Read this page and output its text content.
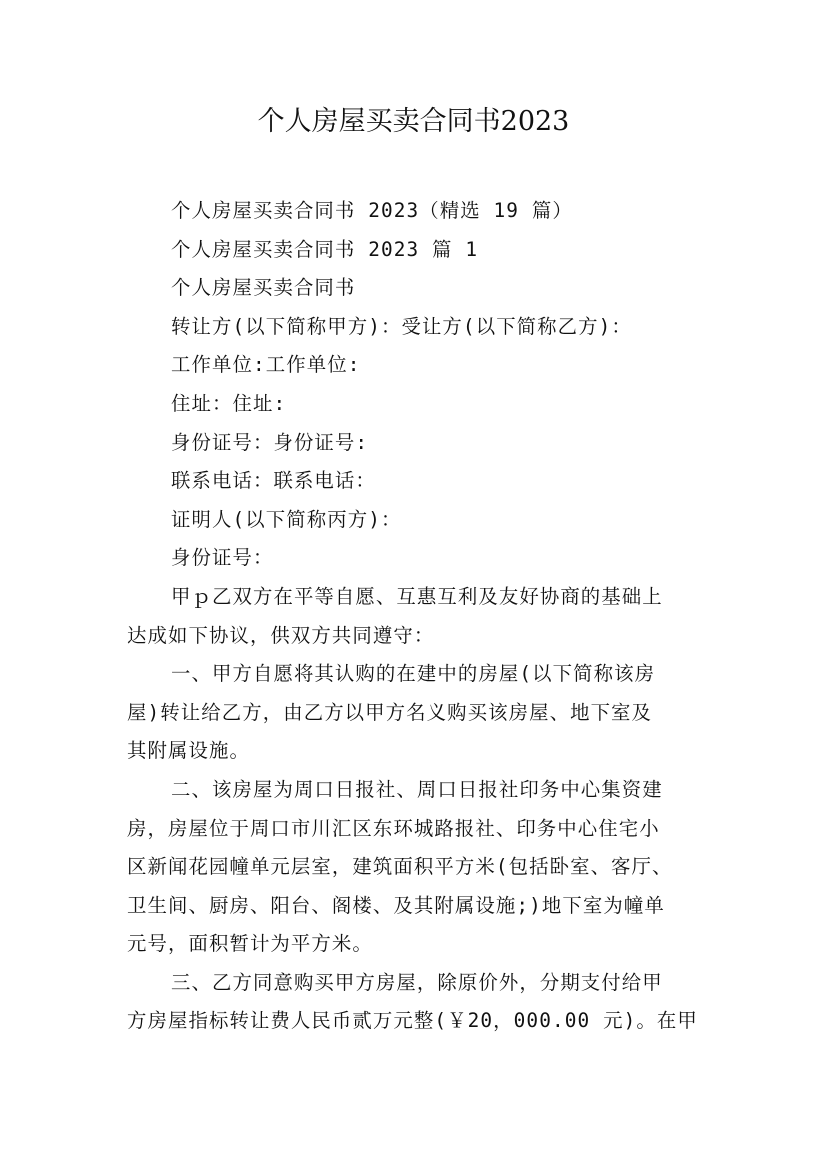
个人房屋买卖合同书2023
个人房屋买卖合同书 2023（精选 19 篇）
个人房屋买卖合同书 2023 篇 1
个人房屋买卖合同书
转让方(以下简称甲方)：受让方(以下简称乙方)：
工作单位:工作单位:
住址：住址:
身份证号：身份证号:
联系电话：联系电话：
证明人(以下简称丙方)：
身份证号：
甲ｐ乙双方在平等自愿、互惠互利及友好协商的基础上
达成如下协议，供双方共同遵守：
一、甲方自愿将其认购的在建中的房屋(以下简称该房
屋)转让给乙方，由乙方以甲方名义购买该房屋、地下室及
其附属设施。
二、该房屋为周口日报社、周口日报社印务中心集资建
房，房屋位于周口市川汇区东环城路报社、印务中心住宅小
区新闻花园幢单元层室，建筑面积平方米(包括卧室、客厅、
卫生间、厨房、阳台、阁楼、及其附属设施;)地下室为幢单
元号，面积暂计为平方米。
三、乙方同意购买甲方房屋，除原价外，分期支付给甲
方房屋指标转让费人民币贰万元整(￥20，000.00 元)。在甲
